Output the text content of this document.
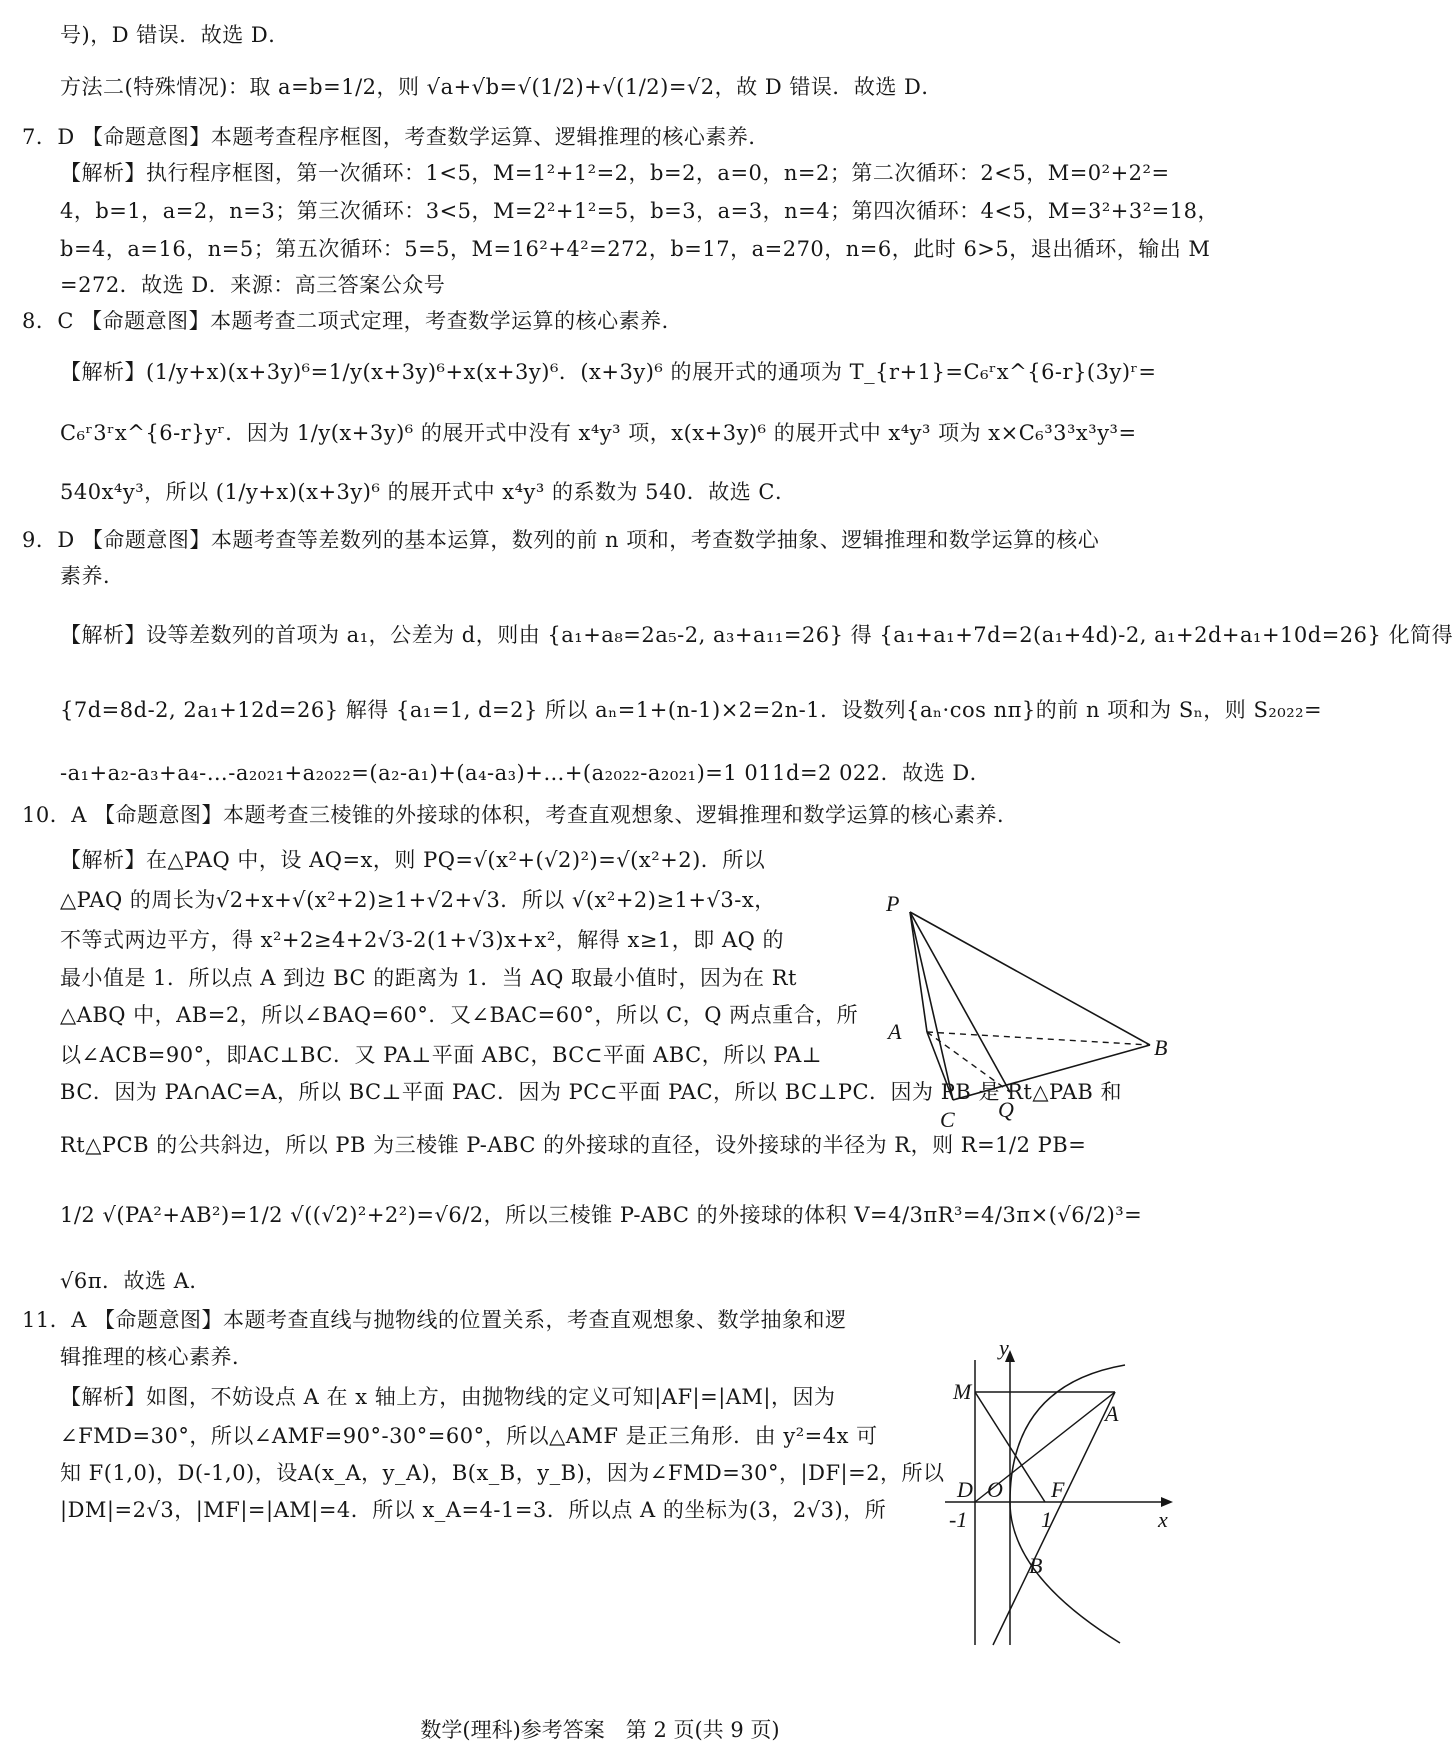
号)，D 错误．故选 D．
方法二(特殊情况)：取 a=b=1/2，则 √a+√b=√(1/2)+√(1/2)=√2，故 D 错误．故选 D．
7．D 【命题意图】本题考查程序框图，考查数学运算、逻辑推理的核心素养．
【解析】执行程序框图，第一次循环：1<5，M=1²+1²=2，b=2，a=0，n=2；第二次循环：2<5，M=0²+2²=
4，b=1，a=2，n=3；第三次循环：3<5，M=2²+1²=5，b=3，a=3，n=4；第四次循环：4<5，M=3²+3²=18，
b=4，a=16，n=5；第五次循环：5=5，M=16²+4²=272，b=17，a=270，n=6，此时 6>5，退出循环，输出 M
=272．故选 D．来源：高三答案公众号
8．C 【命题意图】本题考查二项式定理，考查数学运算的核心素养．
【解析】(1/y+x)(x+3y)⁶=1/y(x+3y)⁶+x(x+3y)⁶．(x+3y)⁶ 的展开式的通项为 T_{r+1}=C₆ʳx^{6-r}(3y)ʳ=
C₆ʳ3ʳx^{6-r}yʳ．因为 1/y(x+3y)⁶ 的展开式中没有 x⁴y³ 项，x(x+3y)⁶ 的展开式中 x⁴y³ 项为 x×C₆³3³x³y³=
540x⁴y³，所以 (1/y+x)(x+3y)⁶ 的展开式中 x⁴y³ 的系数为 540．故选 C．
9．D 【命题意图】本题考查等差数列的基本运算，数列的前 n 项和，考查数学抽象、逻辑推理和数学运算的核心
素养．
【解析】设等差数列的首项为 a₁，公差为 d，则由 {a₁+a₈=2a₅-2, a₃+a₁₁=26} 得 {a₁+a₁+7d=2(a₁+4d)-2, a₁+2d+a₁+10d=26} 化简得
{7d=8d-2, 2a₁+12d=26} 解得 {a₁=1, d=2} 所以 aₙ=1+(n-1)×2=2n-1．设数列{aₙ·cos nπ}的前 n 项和为 Sₙ，则 S₂₀₂₂=
-a₁+a₂-a₃+a₄-…-a₂₀₂₁+a₂₀₂₂=(a₂-a₁)+(a₄-a₃)+…+(a₂₀₂₂-a₂₀₂₁)=1 011d=2 022．故选 D．
10．A 【命题意图】本题考查三棱锥的外接球的体积，考查直观想象、逻辑推理和数学运算的核心素养．
【解析】在△PAQ 中，设 AQ=x，则 PQ=√(x²+(√2)²)=√(x²+2)．所以
△PAQ 的周长为√2+x+√(x²+2)≥1+√2+√3．所以 √(x²+2)≥1+√3-x，
不等式两边平方，得 x²+2≥4+2√3-2(1+√3)x+x²，解得 x≥1，即 AQ 的
最小值是 1．所以点 A 到边 BC 的距离为 1．当 AQ 取最小值时，因为在 Rt
△ABQ 中，AB=2，所以∠BAQ=60°．又∠BAC=60°，所以 C，Q 两点重合，所
以∠ACB=90°，即AC⊥BC．又 PA⊥平面 ABC，BC⊂平面 ABC，所以 PA⊥
BC．因为 PA∩AC=A，所以 BC⊥平面 PAC．因为 PC⊂平面 PAC，所以 BC⊥PC．因为 PB 是 Rt△PAB 和
Rt△PCB 的公共斜边，所以 PB 为三棱锥 P-ABC 的外接球的直径，设外接球的半径为 R，则 R=1/2 PB=
1/2 √(PA²+AB²)=1/2 √((√2)²+2²)=√6/2，所以三棱锥 P-ABC 的外接球的体积 V=4/3πR³=4/3π×(√6/2)³=
√6π．故选 A．
11．A 【命题意图】本题考查直线与抛物线的位置关系，考查直观想象、数学抽象和逻
辑推理的核心素养．
【解析】如图，不妨设点 A 在 x 轴上方，由抛物线的定义可知|AF|=|AM|，因为
∠FMD=30°，所以∠AMF=90°-30°=60°，所以△AMF 是正三角形．由 y²=4x 可
知 F(1,0)，D(-1,0)，设A(x_A，y_A)，B(x_B，y_B)，因为∠FMD=30°，|DF|=2，所以
|DM|=2√3，|MF|=|AM|=4．所以 x_A=4-1=3．所以点 A 的坐标为(3，2√3)，所
P
A
B
C Q
y
x
M
A
D O F
-1	1
B
数学(理科)参考答案　第 2 页(共 9 页)
